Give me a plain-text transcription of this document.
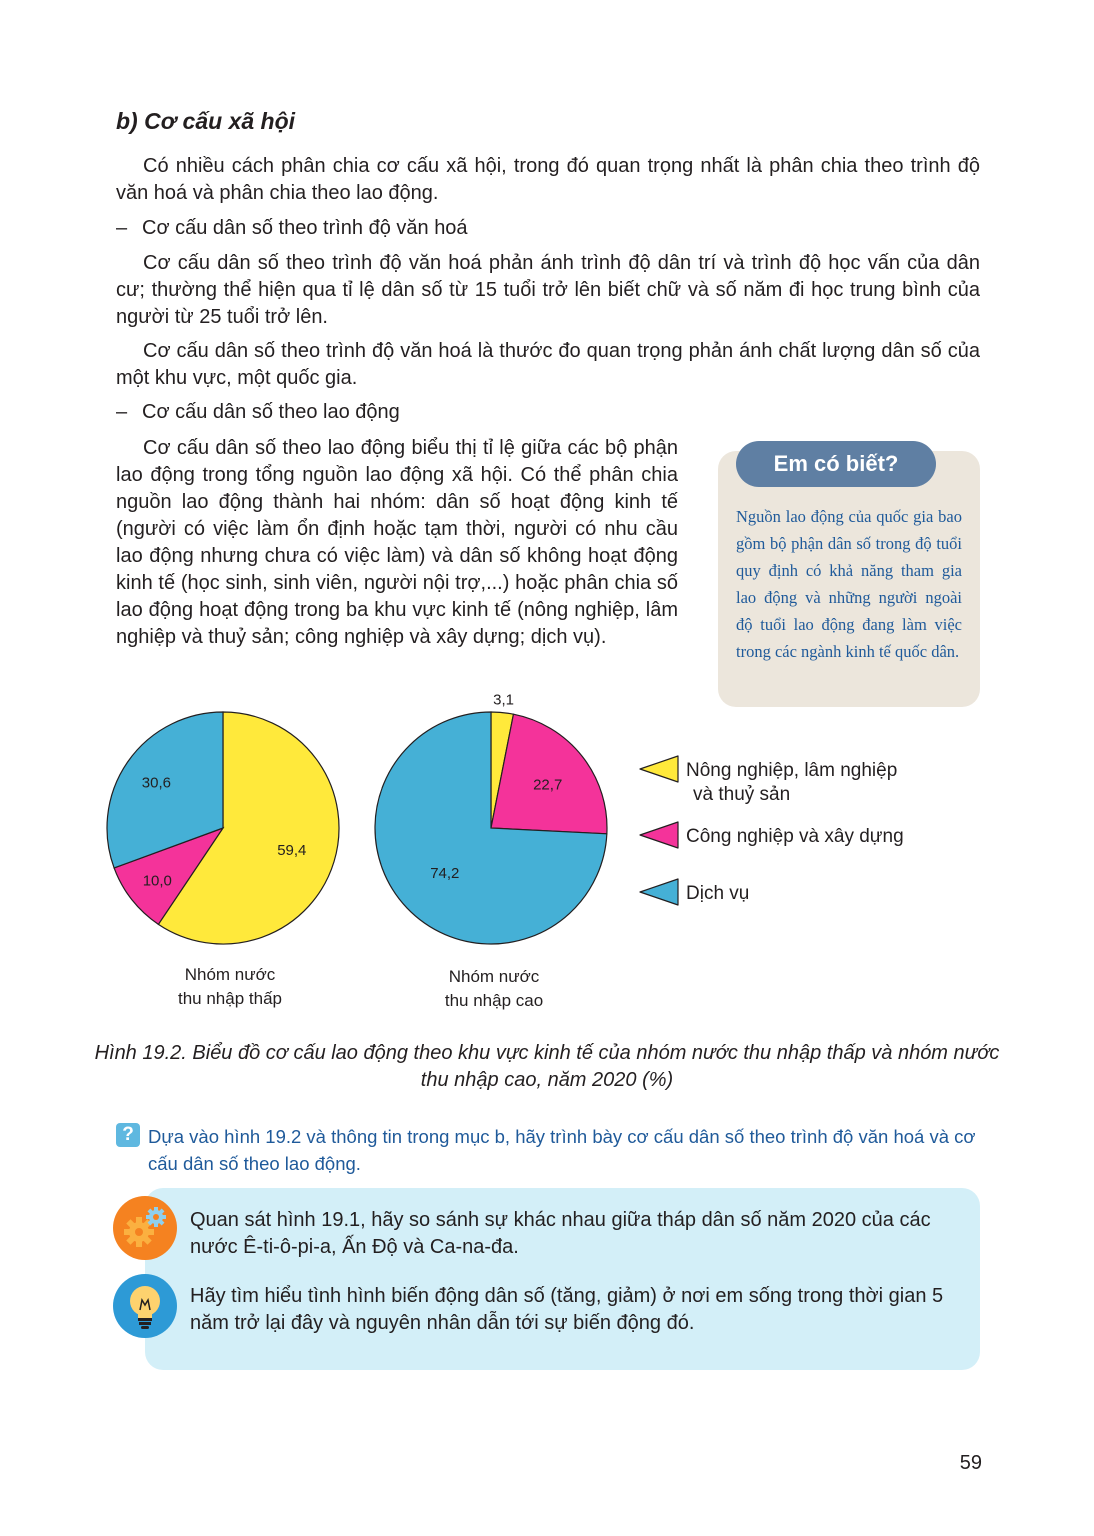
b) Cơ cấu xã hội

Có nhiều cách phân chia cơ cấu xã hội, trong đó quan trọng nhất là phân chia theo trình độ văn hoá và phân chia theo lao động.

– Cơ cấu dân số theo trình độ văn hoá

Cơ cấu dân số theo trình độ văn hoá phản ánh trình độ dân trí và trình độ học vấn của dân cư; thường thể hiện qua tỉ lệ dân số từ 15 tuổi trở lên biết chữ và số năm đi học trung bình của người từ 25 tuổi trở lên.

Cơ cấu dân số theo trình độ văn hoá là thước đo quan trọng phản ánh chất lượng dân số của một khu vực, một quốc gia.

– Cơ cấu dân số theo lao động

Cơ cấu dân số theo lao động biểu thị tỉ lệ giữa các bộ phận lao động trong tổng nguồn lao động xã hội. Có thể phân chia nguồn lao động thành hai nhóm: dân số hoạt động kinh tế (người có việc làm ổn định hoặc tạm thời, người có nhu cầu lao động nhưng chưa có việc làm) và dân số không hoạt động kinh tế (học sinh, sinh viên, người nội trợ,...) hoặc phân chia số lao động hoạt động trong ba khu vực kinh tế (nông nghiệp, lâm nghiệp và thuỷ sản; công nghiệp và xây dựng; dịch vụ).

Em có biết?
Nguồn lao động của quốc gia bao gồm bộ phận dân số trong độ tuổi quy định có khả năng tham gia lao động và những người ngoài độ tuổi lao động đang làm việc trong các ngành kinh tế quốc dân.
59,4
10,0
30,6
3,1
22,7
74,2
Nông nghiệp, lâm nghiệp
và thuỷ sản
Công nghiệp và xây dựng
Dịch vụ
Nhóm nước
thu nhập thấp
Nhóm nước
thu nhập cao
Hình 19.2. Biểu đồ cơ cấu lao động theo khu vực kinh tế của nhóm nước thu nhập thấp và nhóm nước thu nhập cao, năm 2020 (%)
? Dựa vào hình 19.2 và thông tin trong mục b, hãy trình bày cơ cấu dân số theo trình độ văn hoá và cơ cấu dân số theo lao động.
Quan sát hình 19.1, hãy so sánh sự khác nhau giữa tháp dân số năm 2020 của các nước Ê-ti-ô-pi-a, Ấn Độ và Ca-na-đa.
Hãy tìm hiểu tình hình biến động dân số (tăng, giảm) ở nơi em sống trong thời gian 5 năm trở lại đây và nguyên nhân dẫn tới sự biến động đó.
59
